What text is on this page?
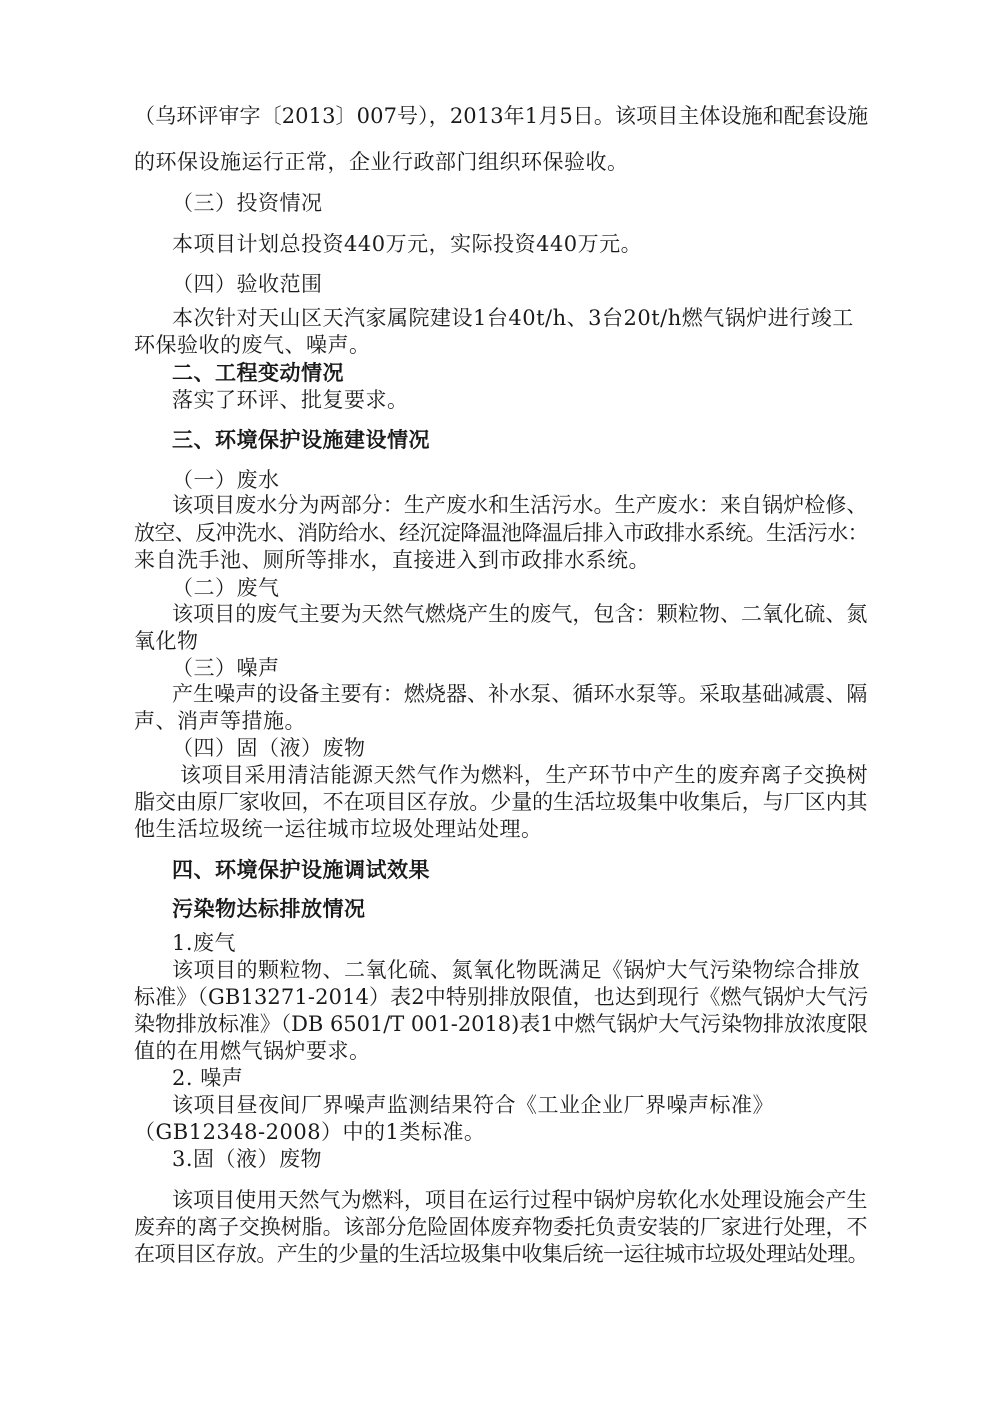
（乌环评审字〔2013〕007号），2013年1月5日。该项目主体设施和配套设施
的环保设施运行正常，企业行政部门组织环保验收。
（三）投资情况
本项目计划总投资440万元，实际投资440万元。
（四）验收范围
本次针对天山区天汽家属院建设1台40t/h、3台20t/h燃气锅炉进行竣工
环保验收的废气、噪声。
二、工程变动情况
落实了环评、批复要求。
三、环境保护设施建设情况
（一）废水
该项目废水分为两部分：生产废水和生活污水。生产废水：来自锅炉检修、
放空、反冲洗水、消防给水、经沉淀降温池降温后排入市政排水系统。生活污水：
来自洗手池、厕所等排水，直接进入到市政排水系统。
（二）废气
该项目的废气主要为天然气燃烧产生的废气，包含：颗粒物、二氧化硫、氮
氧化物
（三）噪声
产生噪声的设备主要有：燃烧器、补水泵、循环水泵等。采取基础减震、隔
声、消声等措施。
（四）固（液）废物
该项目采用清洁能源天然气作为燃料，生产环节中产生的废弃离子交换树
脂交由原厂家收回，不在项目区存放。少量的生活垃圾集中收集后，与厂区内其
他生活垃圾统一运往城市垃圾处理站处理。
四、环境保护设施调试效果
污染物达标排放情况
1.废气
该项目的颗粒物、二氧化硫、氮氧化物既满足《锅炉大气污染物综合排放
标准》（GB13271-2014）表2中特别排放限值，也达到现行《燃气锅炉大气污
染物排放标准》（DB 6501/T 001-2018)表1中燃气锅炉大气污染物排放浓度限
值的在用燃气锅炉要求。
2. 噪声
该项目昼夜间厂界噪声监测结果符合《工业企业厂界噪声标准》
（GB12348-2008）中的1类标准。
3.固（液）废物
该项目使用天然气为燃料，项目在运行过程中锅炉房软化水处理设施会产生
废弃的离子交换树脂。该部分危险固体废弃物委托负责安装的厂家进行处理，不
在项目区存放。产生的少量的生活垃圾集中收集后统一运往城市垃圾处理站处理。
